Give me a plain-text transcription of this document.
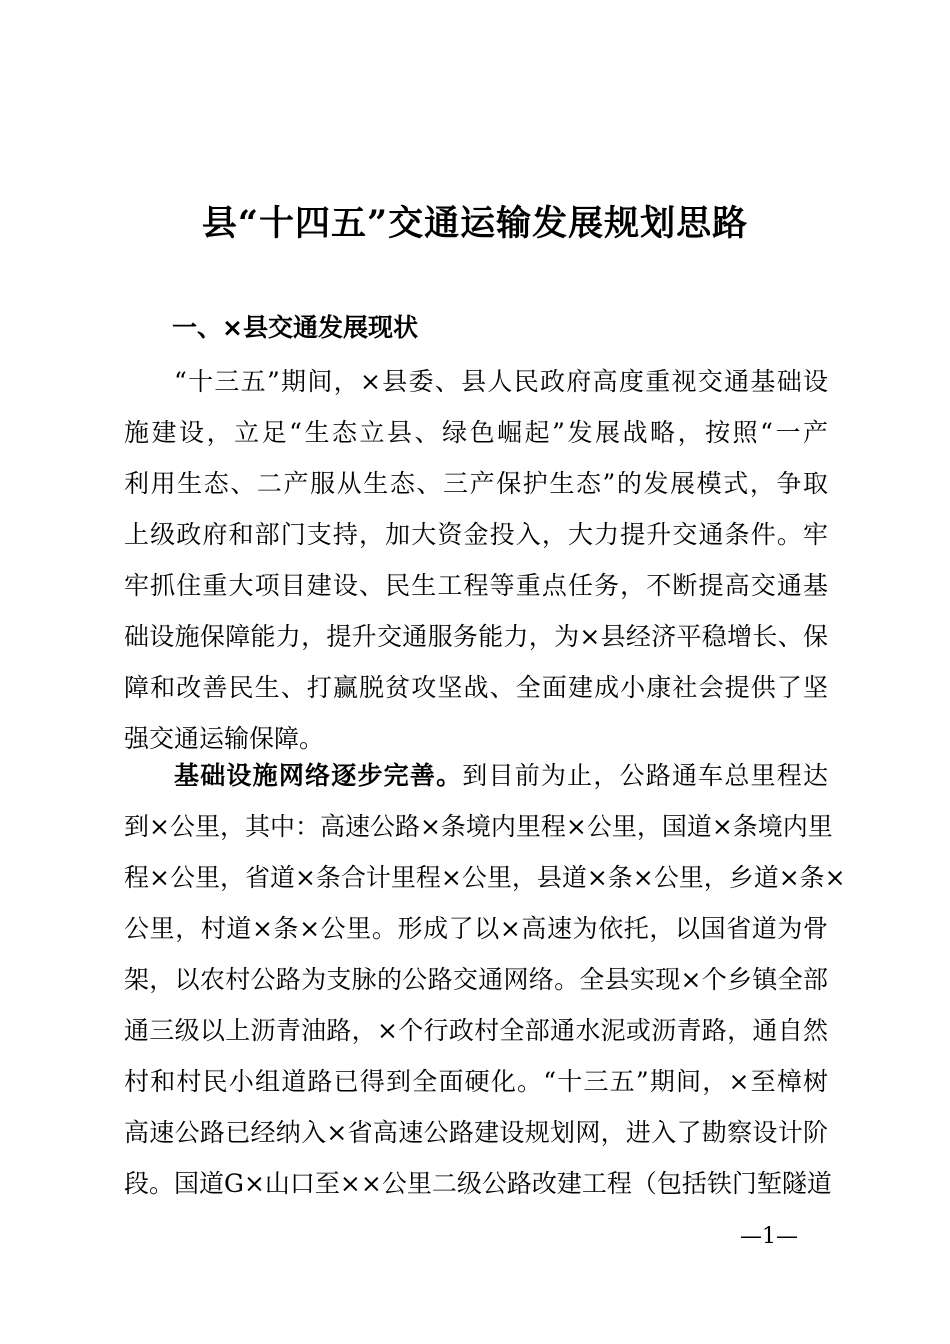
县“十四五”交通运输发展规划思路
一、×县交通发展现状
“十三五”期间，×县委、县人民政府高度重视交通基础设
施建设，立足“生态立县、绿色崛起”发展战略，按照“一产
利用生态、二产服从生态、三产保护生态”的发展模式，争取
上级政府和部门支持，加大资金投入，大力提升交通条件。牢
牢抓住重大项目建设、民生工程等重点任务，不断提高交通基
础设施保障能力，提升交通服务能力，为×县经济平稳增长、保
障和改善民生、打赢脱贫攻坚战、全面建成小康社会提供了坚
强交通运输保障。
基础设施网络逐步完善。到目前为止，公路通车总里程达
到×公里，其中：高速公路×条境内里程×公里，国道×条境内里
程×公里，省道×条合计里程×公里，县道×条×公里，乡道×条×
公里，村道×条×公里。形成了以×高速为依托，以国省道为骨
架，以农村公路为支脉的公路交通网络。全县实现×个乡镇全部
通三级以上沥青油路，×个行政村全部通水泥或沥青路，通自然
村和村民小组道路已得到全面硬化。“十三五”期间，×至樟树
高速公路已经纳入×省高速公路建设规划网，进入了勘察设计阶
段。国道G×山口至××公里二级公路改建工程（包括铁门堑隧道
—1—
